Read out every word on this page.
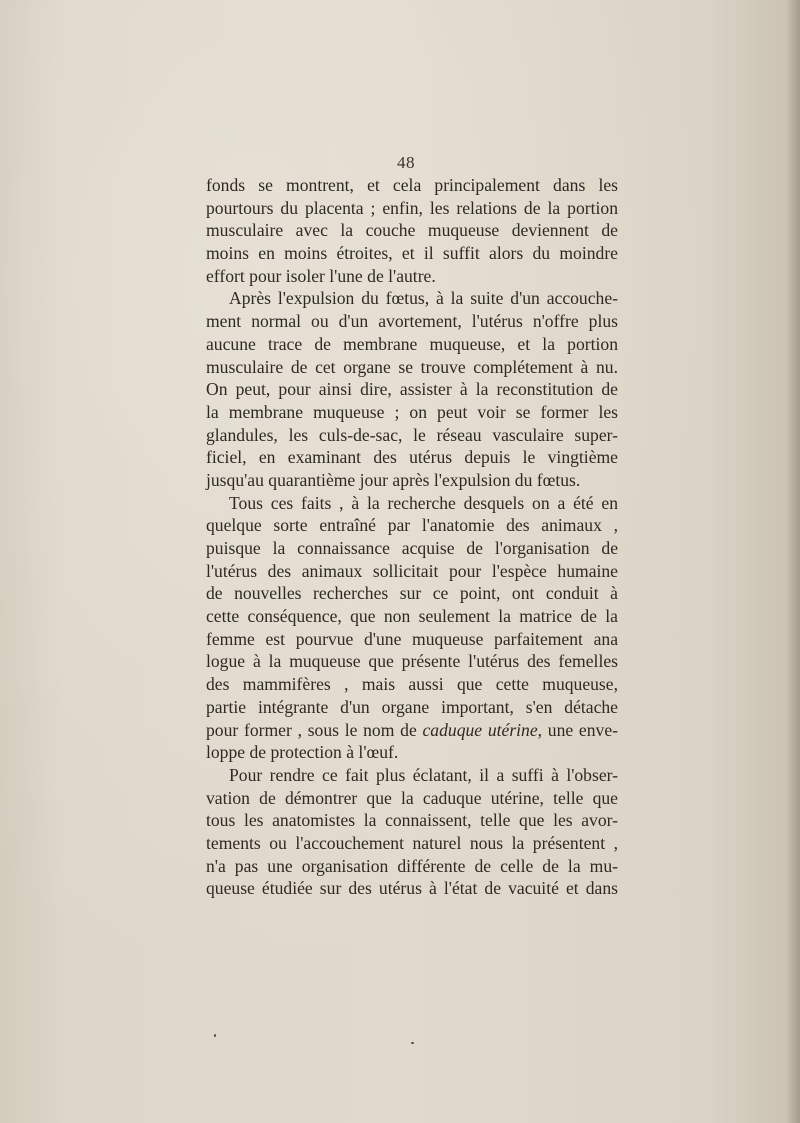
48
fonds se montrent, et cela principalement dans les
pourtours du placenta ; enfin, les relations de la portion
musculaire avec la couche muqueuse deviennent de
moins en moins étroites, et il suffit alors du moindre
effort pour isoler l'une de l'autre.
Après l'expulsion du fœtus, à la suite d'un accouche-
ment normal ou d'un avortement, l'utérus n'offre plus
aucune trace de membrane muqueuse, et la portion
musculaire de cet organe se trouve complétement à nu.
On peut, pour ainsi dire, assister à la reconstitution de
la membrane muqueuse ; on peut voir se former les
glandules, les culs-de-sac, le réseau vasculaire super-
ficiel, en examinant des utérus depuis le vingtième
jusqu'au quarantième jour après l'expulsion du fœtus.
Tous ces faits , à la recherche desquels on a été en
quelque sorte entraîné par l'anatomie des animaux ,
puisque la connaissance acquise de l'organisation de
l'utérus des animaux sollicitait pour l'espèce humaine
de nouvelles recherches sur ce point, ont conduit à
cette conséquence, que non seulement la matrice de la
femme est pourvue d'une muqueuse parfaitement ana
logue à la muqueuse que présente l'utérus des femelles
des mammifères , mais aussi que cette muqueuse,
partie intégrante d'un organe important, s'en détache
pour former , sous le nom de caduque utérine, une enve-
loppe de protection à l'œuf.
Pour rendre ce fait plus éclatant, il a suffi à l'obser-
vation de démontrer que la caduque utérine, telle que
tous les anatomistes la connaissent, telle que les avor-
tements ou l'accouchement naturel nous la présentent ,
n'a pas une organisation différente de celle de la mu-
queuse étudiée sur des utérus à l'état de vacuité et dans
